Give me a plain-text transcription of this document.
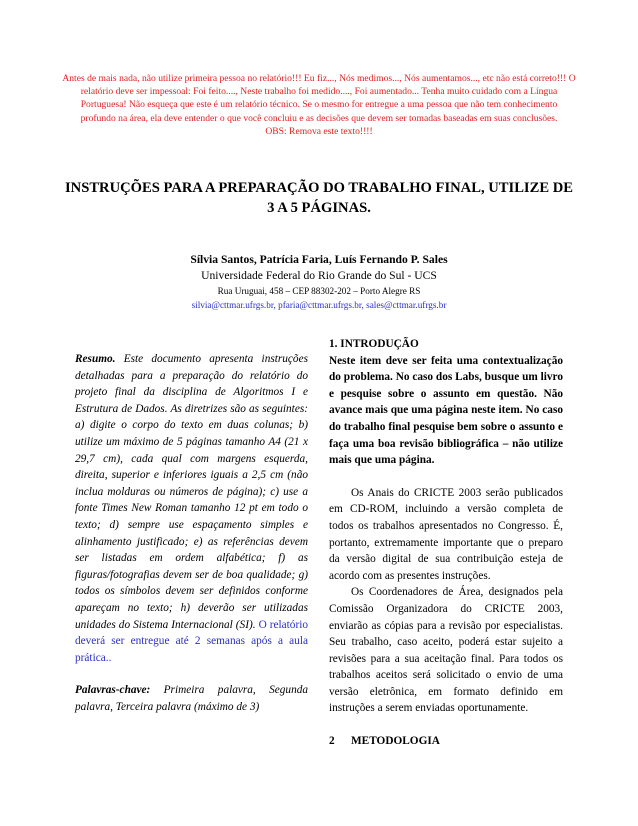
Antes de mais nada, não utilize primeira pessoa no relatório!!! Eu fiz..., Nós medimos..., Nós aumentamos..., etc não está correto!!! O relatório deve ser impessoal: Foi feito...., Neste trabalho foi medido...., Foi aumentado... Tenha muito cuidado com a Língua Portuguesa! Não esqueça que este é um relatório técnico. Se o mesmo for entregue a uma pessoa que não tem conhecimento profundo na área, ela deve entender o que você concluiu e as decisões que devem ser tomadas baseadas em suas conclusões.
OBS: Remova este texto!!!!
INSTRUÇÕES PARA A PREPARAÇÃO DO TRABALHO FINAL, UTILIZE DE 3 A 5 PÁGINAS.
Sílvia Santos, Patrícia Faria, Luís Fernando P. Sales
Universidade Federal do Rio Grande do Sul - UCS
Rua Uruguai, 458 – CEP 88302-202 – Porto Alegre RS
silvia@cttmar.ufrgs.br, pfaria@cttmar.ufrgs.br, sales@cttmar.ufrgs.br
Resumo. Este documento apresenta instruções detalhadas para a preparação do relatório do projeto final da disciplina de Algoritmos I e Estrutura de Dados. As diretrizes são as seguintes: a) digite o corpo do texto em duas colunas; b) utilize um máximo de 5 páginas tamanho A4 (21 x 29,7 cm), cada qual com margens esquerda, direita, superior e inferiores iguais a 2,5 cm (não inclua molduras ou números de página); c) use a fonte Times New Roman tamanho 12 pt em todo o texto; d) sempre use espaçamento simples e alinhamento justificado; e) as referências devem ser listadas em ordem alfabética; f) as figuras/fotografias devem ser de boa qualidade; g) todos os símbolos devem ser definidos conforme apareçam no texto; h) deverão ser utilizadas unidades do Sistema Internacional (SI). O relatório deverá ser entregue até 2 semanas após a aula prática..
Palavras-chave: Primeira palavra, Segunda palavra, Terceira palavra (máximo de 3)
1. INTRODUÇÃO

Neste item deve ser feita uma contextualização do problema. No caso dos Labs, busque um livro e pesquise sobre o assunto em questão. Não avance mais que uma página neste item. No caso do trabalho final pesquise bem sobre o assunto e faça uma boa revisão bibliográfica – não utilize mais que uma página.

Os Anais do CRICTE 2003 serão publicados em CD-ROM, incluindo a versão completa de todos os trabalhos apresentados no Congresso. É, portanto, extremamente importante que o preparo da versão digital de sua contribuição esteja de acordo com as presentes instruções.

Os Coordenadores de Área, designados pela Comissão Organizadora do CRICTE 2003, enviarão as cópias para a revisão por especialistas. Seu trabalho, caso aceito, poderá estar sujeito a revisões para a sua aceitação final. Para todos os trabalhos aceitos será solicitado o envio de uma versão eletrônica, em formato definido em instruções a serem enviadas oportunamente.

2 METODOLOGIA
